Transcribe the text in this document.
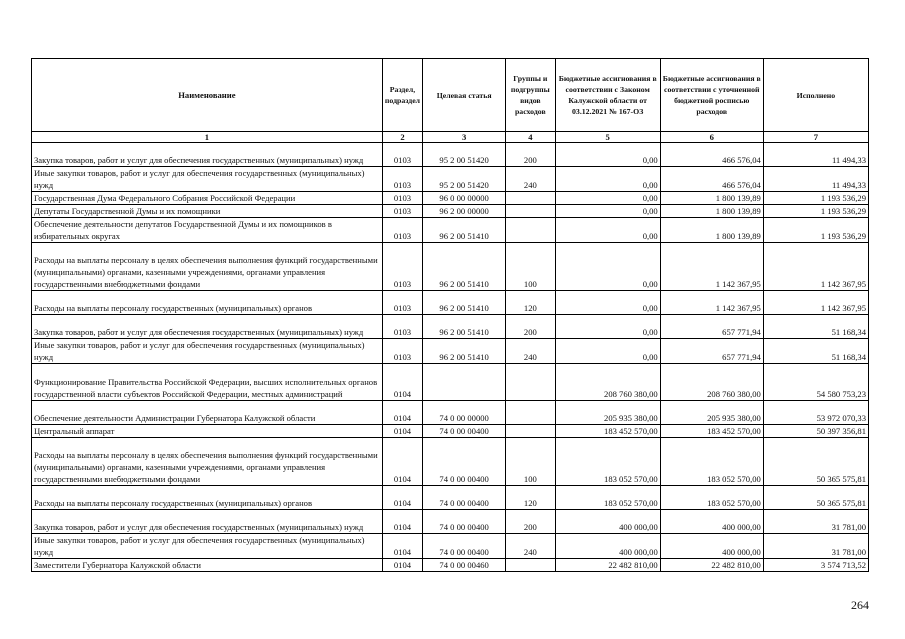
Наименование	Раздел, подраздел	Целевая статья	Группы и подгруппы видов расходов	Бюджетные ассигнования в соответствии с Законом Калужской области от 03.12.2021 № 167-ОЗ	Бюджетные ассигнования в соответствии с уточненной бюджетной росписью расходов	Исполнено
1	2	3	4	5	6	7
Закупка товаров, работ и услуг для обеспечения государственных (муниципальных) нужд	0103	95 2 00 51420	200	0,00	466 576,04	11 494,33
Иные закупки товаров, работ и услуг для обеспечения государственных (муниципальных) нужд	0103	95 2 00 51420	240	0,00	466 576,04	11 494,33
Государственная Дума Федерального Собрания Российской Федерации	0103	96 0 00 00000		0,00	1 800 139,89	1 193 536,29
Депутаты Государственной Думы и их помощники	0103	96 2 00 00000		0,00	1 800 139,89	1 193 536,29
Обеспечение деятельности депутатов Государственной Думы и их помощников в избирательных округах	0103	96 2 00 51410		0,00	1 800 139,89	1 193 536,29
Расходы на выплаты персоналу в целях обеспечения выполнения функций государственными (муниципальными) органами, казенными учреждениями, органами управления государственными внебюджетными фондами	0103	96 2 00 51410	100	0,00	1 142 367,95	1 142 367,95
Расходы на выплаты персоналу государственных (муниципальных) органов	0103	96 2 00 51410	120	0,00	1 142 367,95	1 142 367,95
Закупка товаров, работ и услуг для обеспечения государственных (муниципальных) нужд	0103	96 2 00 51410	200	0,00	657 771,94	51 168,34
Иные закупки товаров, работ и услуг для обеспечения государственных (муниципальных) нужд	0103	96 2 00 51410	240	0,00	657 771,94	51 168,34
Функционирование Правительства Российской Федерации, высших исполнительных органов государственной власти субъектов Российской Федерации, местных администраций	0104			208 760 380,00	208 760 380,00	54 580 753,23
Обеспечение деятельности Администрации Губернатора Калужской области	0104	74 0 00 00000		205 935 380,00	205 935 380,00	53 972 070,33
Центральный аппарат	0104	74 0 00 00400		183 452 570,00	183 452 570,00	50 397 356,81
Расходы на выплаты персоналу в целях обеспечения выполнения функций государственными (муниципальными) органами, казенными учреждениями, органами управления государственными внебюджетными фондами	0104	74 0 00 00400	100	183 052 570,00	183 052 570,00	50 365 575,81
Расходы на выплаты персоналу государственных (муниципальных) органов	0104	74 0 00 00400	120	183 052 570,00	183 052 570,00	50 365 575,81
Закупка товаров, работ и услуг для обеспечения государственных (муниципальных) нужд	0104	74 0 00 00400	200	400 000,00	400 000,00	31 781,00
Иные закупки товаров, работ и услуг для обеспечения государственных (муниципальных) нужд	0104	74 0 00 00400	240	400 000,00	400 000,00	31 781,00
Заместители Губернатора Калужской области	0104	74 0 00 00460		22 482 810,00	22 482 810,00	3 574 713,52
264
